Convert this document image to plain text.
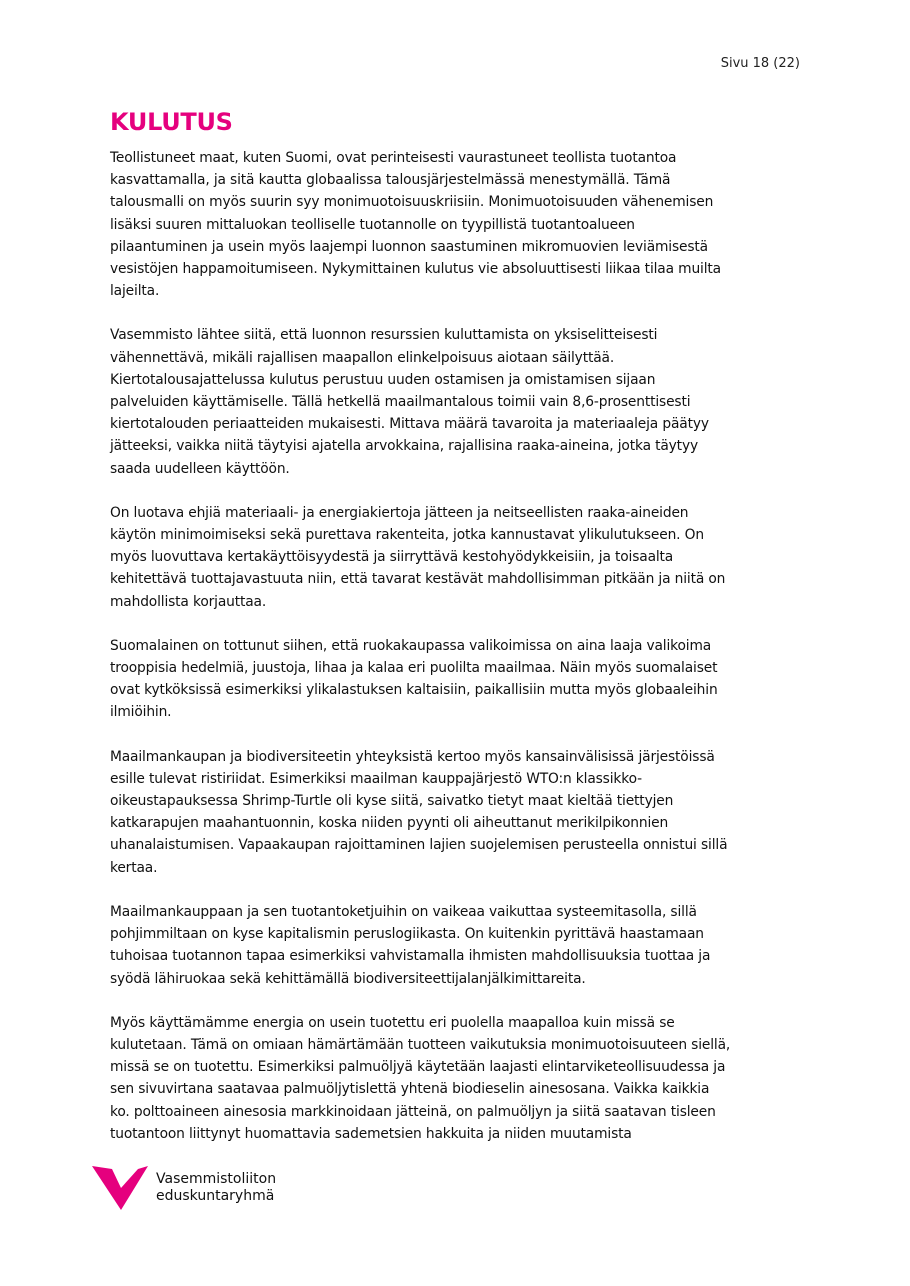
Sivu 18 (22)
KULUTUS

Teollistuneet maat, kuten Suomi, ovat perinteisesti vaurastuneet teollista tuotantoa
kasvattamalla, ja sitä kautta globaalissa talousjärjestelmässä menestymällä. Tämä
talousmalli on myös suurin syy monimuotoisuuskriisiin. Monimuotoisuuden vähenemisen
lisäksi suuren mittaluokan teolliselle tuotannolle on tyypillistä tuotantoalueen
pilaantuminen ja usein myös laajempi luonnon saastuminen mikromuovien leviämisestä
vesistöjen happamoitumiseen. Nykymittainen kulutus vie absoluuttisesti liikaa tilaa muilta
lajeilta.

Vasemmisto lähtee siitä, että luonnon resurssien kuluttamista on yksiselitteisesti
vähennettävä, mikäli rajallisen maapallon elinkelpoisuus aiotaan säilyttää.
Kiertotalousajattelussa kulutus perustuu uuden ostamisen ja omistamisen sijaan
palveluiden käyttämiselle. Tällä hetkellä maailmantalous toimii vain 8,6-prosenttisesti
kiertotalouden periaatteiden mukaisesti. Mittava määrä tavaroita ja materiaaleja päätyy
jätteeksi, vaikka niitä täytyisi ajatella arvokkaina, rajallisina raaka-aineina, jotka täytyy
saada uudelleen käyttöön.

On luotava ehjiä materiaali- ja energiakiertoja jätteen ja neitseellisten raaka-aineiden
käytön minimoimiseksi sekä purettava rakenteita, jotka kannustavat ylikulutukseen. On
myös luovuttava kertakäyttöisyydestä ja siirryttävä kestohyödykkeisiin, ja toisaalta
kehitettävä tuottajavastuuta niin, että tavarat kestävät mahdollisimman pitkään ja niitä on
mahdollista korjauttaa.

Suomalainen on tottunut siihen, että ruokakaupassa valikoimissa on aina laaja valikoima
trooppisia hedelmiä, juustoja, lihaa ja kalaa eri puolilta maailmaa. Näin myös suomalaiset
ovat kytköksissä esimerkiksi ylikalastuksen kaltaisiin, paikallisiin mutta myös globaaleihin
ilmiöihin.

Maailmankaupan ja biodiversiteetin yhteyksistä kertoo myös kansainvälisissä järjestöissä
esille tulevat ristiriidat. Esimerkiksi maailman kauppajärjestö WTO:n klassikko-
oikeustapauksessa Shrimp-Turtle oli kyse siitä, saivatko tietyt maat kieltää tiettyjen
katkarapujen maahantuonnin, koska niiden pyynti oli aiheuttanut merikilpikonnien
uhanalaistumisen. Vapaakaupan rajoittaminen lajien suojelemisen perusteella onnistui sillä
kertaa.

Maailmankauppaan ja sen tuotantoketjuihin on vaikeaa vaikuttaa systeemitasolla, sillä
pohjimmiltaan on kyse kapitalismin peruslogiikasta. On kuitenkin pyrittävä haastamaan
tuhoisaa tuotannon tapaa esimerkiksi vahvistamalla ihmisten mahdollisuuksia tuottaa ja
syödä lähiruokaa sekä kehittämällä biodiversiteettijalanjälkimittareita.

Myös käyttämämme energia on usein tuotettu eri puolella maapalloa kuin missä se
kulutetaan. Tämä on omiaan hämärtämään tuotteen vaikutuksia monimuotoisuuteen siellä,
missä se on tuotettu. Esimerkiksi palmuöljyä käytetään laajasti elintarviketeollisuudessa ja
sen sivuvirtana saatavaa palmuöljytislettä yhtenä biodieselin ainesosana. Vaikka kaikkia
ko. polttoaineen ainesosia markkinoidaan jätteinä, on palmuöljyn ja siitä saatavan tisleen
tuotantoon liittynyt huomattavia sademetsien hakkuita ja niiden muutamista

Vasemmistoliiton
eduskuntaryhmä
